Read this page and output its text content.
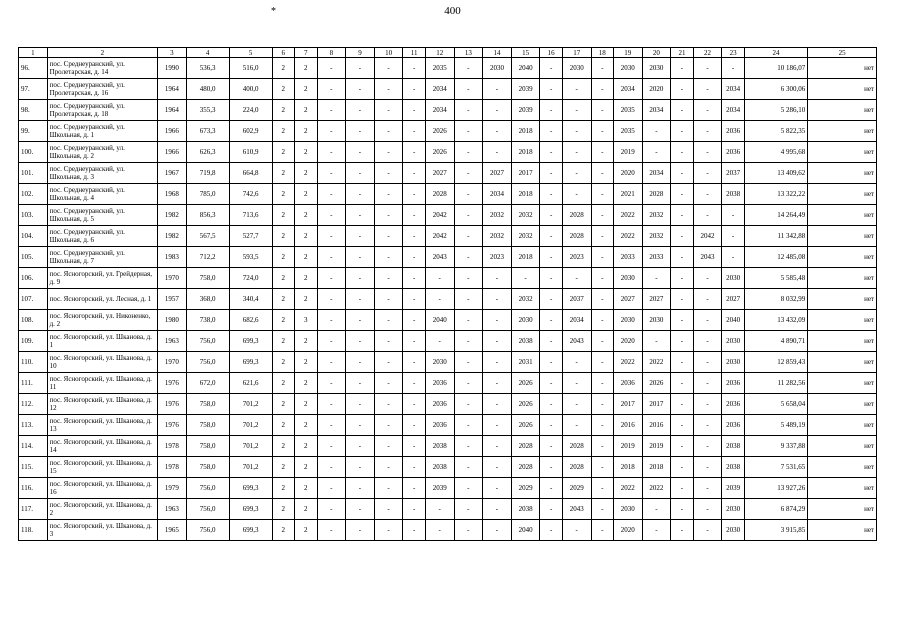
400
*
1	2	3	4	5	6	7	8	9	10	11	12	13	14	15	16	17	18	19	20	21	22	23	24	25
96.	пос. Среднеуранский, ул. Пролетарская, д. 14	1990	536,3	516,0	2	2	-	-	-	-	2035	-	2030	2040	-	2030	-	2030	2030	-	-	-	10 186,07	нет
97.	пос. Среднеуранский, ул. Пролетарская, д. 16	1964	480,0	400,0	2	2	-	-	-	-	2034	-	-	2039	-	-	-	2034	2020	-	-	2034	6 300,06	нет
98.	пос. Среднеуранский, ул. Пролетарская, д. 18	1964	355,3	224,0	2	2	-	-	-	-	2034	-	-	2039	-	-	-	2035	2034	-	-	2034	5 286,10	нет
99.	пос. Среднеуранский, ул. Школьная, д. 1	1966	673,3	602,9	2	2	-	-	-	-	2026	-	-	2018	-	-	-	2035	-	-	-	2036	5 822,35	нет
100.	пос. Среднеуранский, ул. Школьная, д. 2	1966	626,3	610,9	2	2	-	-	-	-	2026	-	-	2018	-	-	-	2019	-	-	-	2036	4 995,68	нет
101.	пос. Среднеуранский, ул. Школьная, д. 3	1967	719,8	664,8	2	2	-	-	-	-	2027	-	2027	2017	-	-	-	2020	2034	-	-	2037	13 409,62	нет
102.	пос. Среднеуранский, ул. Школьная, д. 4	1968	785,0	742,6	2	2	-	-	-	-	2028	-	2034	2018	-	-	-	2021	2028	-	-	2038	13 322,22	нет
103.	пос. Среднеуранский, ул. Школьная, д. 5	1982	856,3	713,6	2	2	-	-	-	-	2042	-	2032	2032	-	2028	-	2022	2032	-	-	-	14 264,49	нет
104.	пос. Среднеуранский, ул. Школьная, д. 6	1982	567,5	527,7	2	2	-	-	-	-	2042	-	2032	2032	-	2028	-	2022	2032	-	2042	-	11 342,88	нет
105.	пос. Среднеуранский, ул. Школьная, д. 7	1983	712,2	593,5	2	2	-	-	-	-	2043	-	2023	2018	-	2023	-	2033	2033	-	2043	-	12 485,08	нет
106.	пос. Ясногорский, ул. Грейдерная, д. 9	1970	758,0	724,0	2	2	-	-	-	-	-	-	-	-	-	-	-	2030	-	-	-	2030	5 585,48	нет
107.	пос. Ясногорский, ул. Лесная, д. 1	1957	368,0	340,4	2	2	-	-	-	-	-	-	-	2032	-	2037	-	2027	2027	-	-	2027	8 032,99	нет
108.	пос. Ясногорский, ул. Никоненко, д. 2	1980	738,0	682,6	2	3	-	-	-	-	2040	-	-	2030	-	2034	-	2030	2030	-	-	2040	13 432,09	нет
109.	пос. Ясногорский, ул. Шканова, д. 1	1963	756,0	699,3	2	2	-	-	-	-	-	-	-	2038	-	2043	-	2020	-	-	-	2030	4 890,71	нет
110.	пос. Ясногорский, ул. Шканова, д. 10	1970	756,0	699,3	2	2	-	-	-	-	2030	-	-	2031	-	-	-	2022	2022	-	-	2030	12 859,43	нет
111.	пос. Ясногорский, ул. Шканова, д. 11	1976	672,0	621,6	2	2	-	-	-	-	2036	-	-	2026	-	-	-	2036	2026	-	-	2036	11 282,56	нет
112.	пос. Ясногорский, ул. Шканова, д. 12	1976	758,0	701,2	2	2	-	-	-	-	2036	-	-	2026	-	-	-	2017	2017	-	-	2036	5 658,04	нет
113.	пос. Ясногорский, ул. Шканова, д. 13	1976	758,0	701,2	2	2	-	-	-	-	2036	-	-	2026	-	-	-	2016	2016	-	-	2036	5 489,19	нет
114.	пос. Ясногорский, ул. Шканова, д. 14	1978	758,0	701,2	2	2	-	-	-	-	2038	-	-	2028	-	2028	-	2019	2019	-	-	2038	9 337,88	нет
115.	пос. Ясногорский, ул. Шканова, д. 15	1978	758,0	701,2	2	2	-	-	-	-	2038	-	-	2028	-	2028	-	2018	2018	-	-	2038	7 531,65	нет
116.	пос. Ясногорский, ул. Шканова, д. 16	1979	756,0	699,3	2	2	-	-	-	-	2039	-	-	2029	-	2029	-	2022	2022	-	-	2039	13 927,26	нет
117.	пос. Ясногорский, ул. Шканова, д. 2	1963	756,0	699,3	2	2	-	-	-	-	-	-	-	2038	-	2043	-	2030	-	-	-	2030	6 874,29	нет
118.	пос. Ясногорский, ул. Шканова, д. 3	1965	756,0	699,3	2	2	-	-	-	-	-	-	-	2040	-	-	-	2020	-	-	-	2030	3 915,85	нет
